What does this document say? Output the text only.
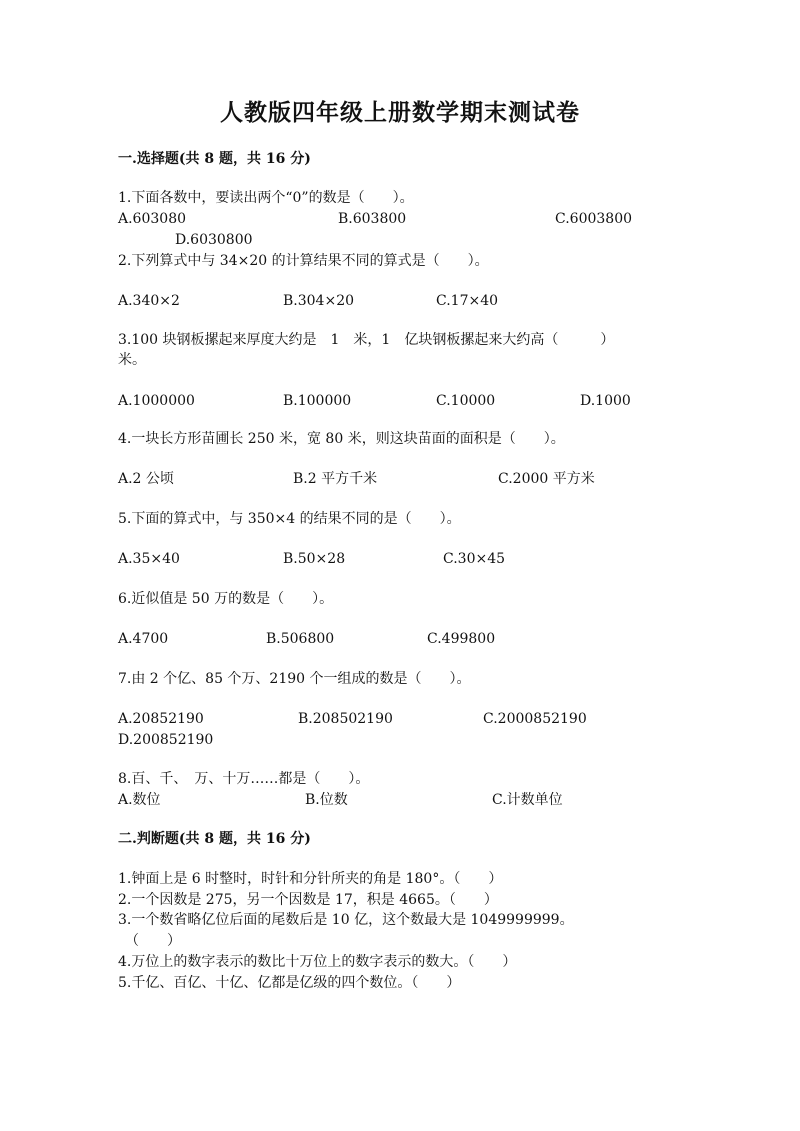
人教版四年级上册数学期末测试卷
一.选择题(共 8 题，共 16 分)
1.下面各数中，要读出两个“0”的数是（　　）。
A.603080	B.603800	C.6003800
D.6030800
2.下列算式中与 34×20 的计算结果不同的算式是（　　）。
A.340×2	B.304×20	C.17×40
3.100 块钢板摞起来厚度大约是　1　米，1　亿块钢板摞起来大约高（　　　）
米。
A.1000000	B.100000	C.10000	D.1000
4.一块长方形苗圃长 250 米，宽 80 米，则这块苗面的面积是（　　）。
A.2 公顷	B.2 平方千米	C.2000 平方米
5.下面的算式中，与 350×4 的结果不同的是（　　）。
A.35×40	B.50×28	C.30×45
6.近似值是 50 万的数是（　　）。
A.4700	B.506800	C.499800
7.由 2 个亿、85 个万、2190 个一组成的数是（　　）。
A.20852190	B.208502190	C.2000852190
D.200852190
8.百、千、　万、十万……都是（　　）。
A.数位	B.位数	C.计数单位
二.判断题(共 8 题，共 16 分)
1.钟面上是 6 时整时，时针和分针所夹的角是 180°。（　　）
2.一个因数是 275，另一个因数是 17，积是 4665。（　　）
3.一个数省略亿位后面的尾数后是 10 亿，这个数最大是 1049999999。
（　　）
4.万位上的数字表示的数比十万位上的数字表示的数大。（　　）
5.千亿、百亿、十亿、亿都是亿级的四个数位。（　　）
